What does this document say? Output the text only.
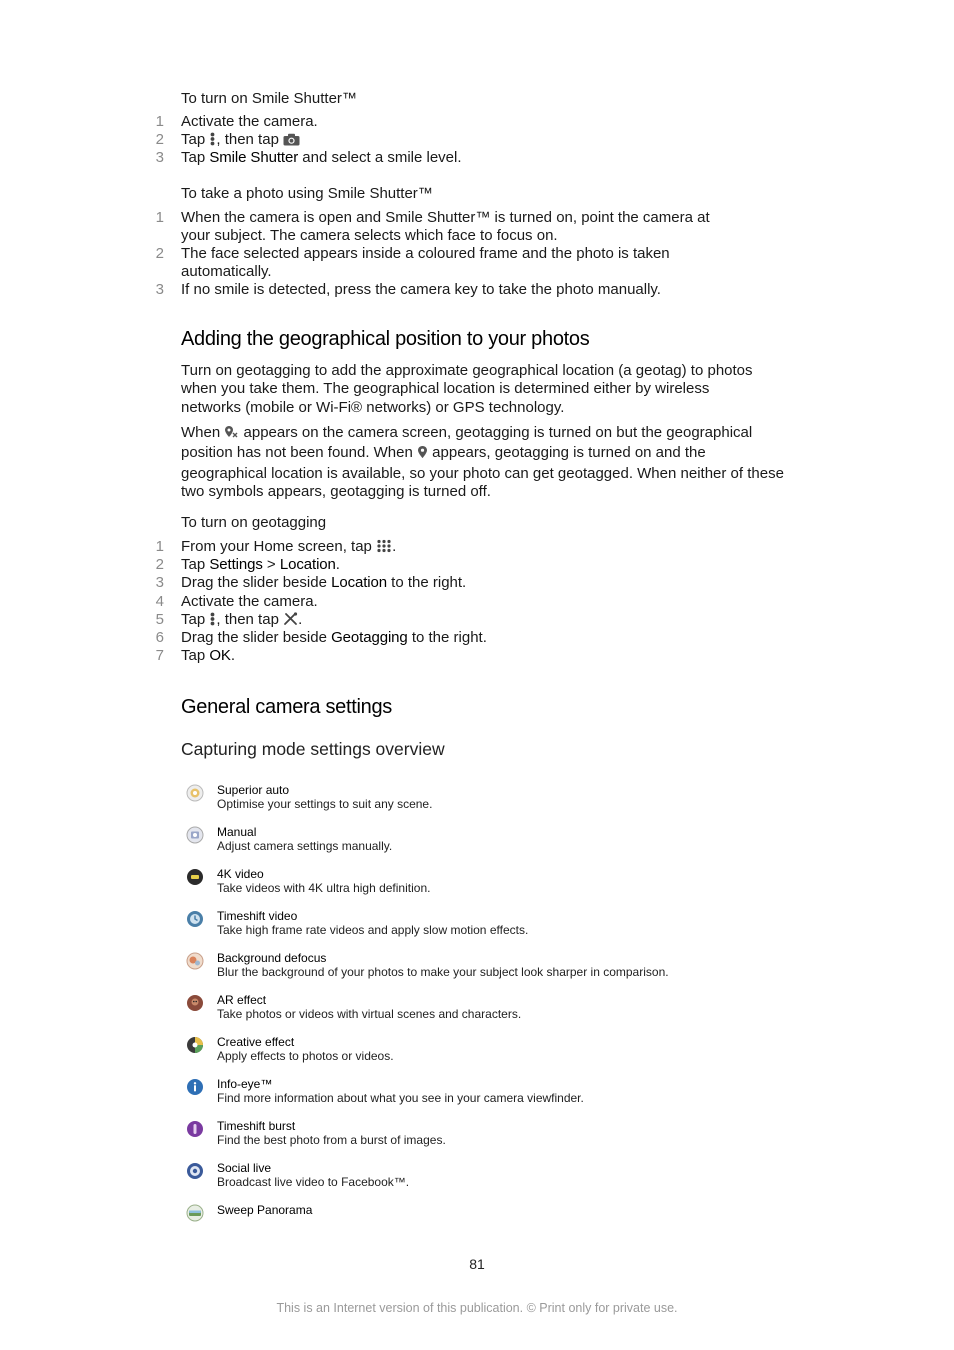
To turn on Smile Shutter™
1 Activate the camera.
2 Tap , then tap
3 Tap Smile Shutter and select a smile level.
To take a photo using Smile Shutter™
1 When the camera is open and Smile Shutter™ is turned on, point the camera at your subject. The camera selects which face to focus on.
2 The face selected appears inside a coloured frame and the photo is taken automatically.
3 If no smile is detected, press the camera key to take the photo manually.
Adding the geographical position to your photos
Turn on geotagging to add the approximate geographical location (a geotag) to photos when you take them. The geographical location is determined either by wireless networks (mobile or Wi-Fi® networks) or GPS technology.
When  appears on the camera screen, geotagging is turned on but the geographical position has not been found. When  appears, geotagging is turned on and the geographical location is available, so your photo can get geotagged. When neither of these two symbols appears, geotagging is turned off.
To turn on geotagging
1 From your Home screen, tap .
2 Tap Settings > Location.
3 Drag the slider beside Location to the right.
4 Activate the camera.
5 Tap , then tap .
6 Drag the slider beside Geotagging to the right.
7 Tap OK.
General camera settings
Capturing mode settings overview
Superior auto
Optimise your settings to suit any scene.
Manual
Adjust camera settings manually.
4K video
Take videos with 4K ultra high definition.
Timeshift video
Take high frame rate videos and apply slow motion effects.
Background defocus
Blur the background of your photos to make your subject look sharper in comparison.
AR effect
Take photos or videos with virtual scenes and characters.
Creative effect
Apply effects to photos or videos.
Info-eye™
Find more information about what you see in your camera viewfinder.
Timeshift burst
Find the best photo from a burst of images.
Social live
Broadcast live video to Facebook™.
Sweep Panorama
81
This is an Internet version of this publication. © Print only for private use.
